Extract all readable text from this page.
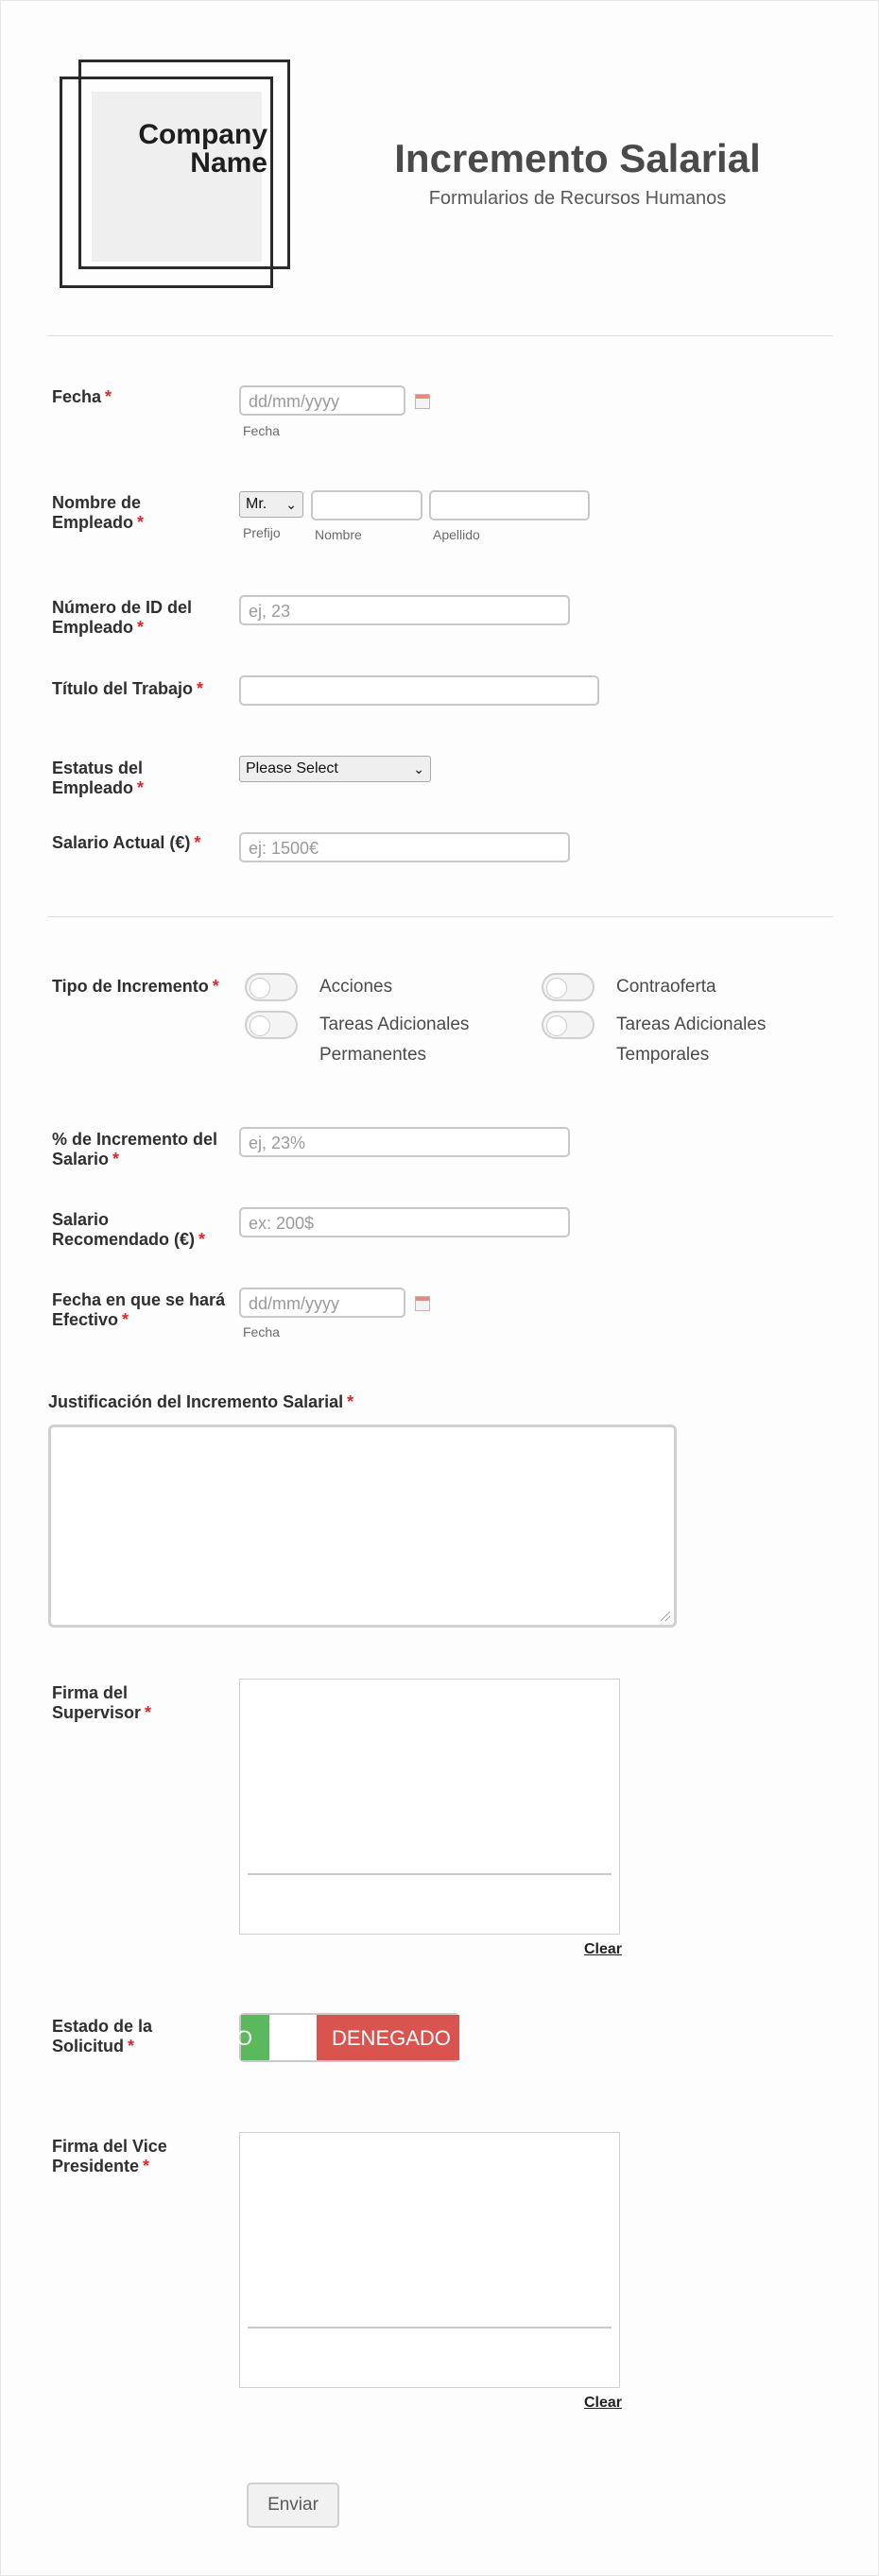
Company
Name	Incremento Salarial
Formularios de Recursos Humanos
Fecha *	dd/mm/yyyy
Fecha
Nombre de Empleado *
Mr. ⌄
Prefijo	Nombre	Apellido
Número de ID del Empleado *
ej, 23
Título del Trabajo *
Estatus del Empleado *
Please Select	⌄
Salario Actual (€) *	ej: 1500€
Tipo de Incremento *	Acciones	Contraoferta
Tareas Adicionales Permanentes
Tareas Adicionales Temporales
% de Incremento del Salario *
ej, 23%
Salario Recomendado (€) *
ex: 200$
Fecha en que se hará Efectivo *
dd/mm/yyyy
Fecha
Justificación del Incremento Salarial *
Firma del Supervisor *
Clear
Estado de la Solicitud *	O	DENEGADO
Firma del Vice Presidente *
Clear
Enviar
